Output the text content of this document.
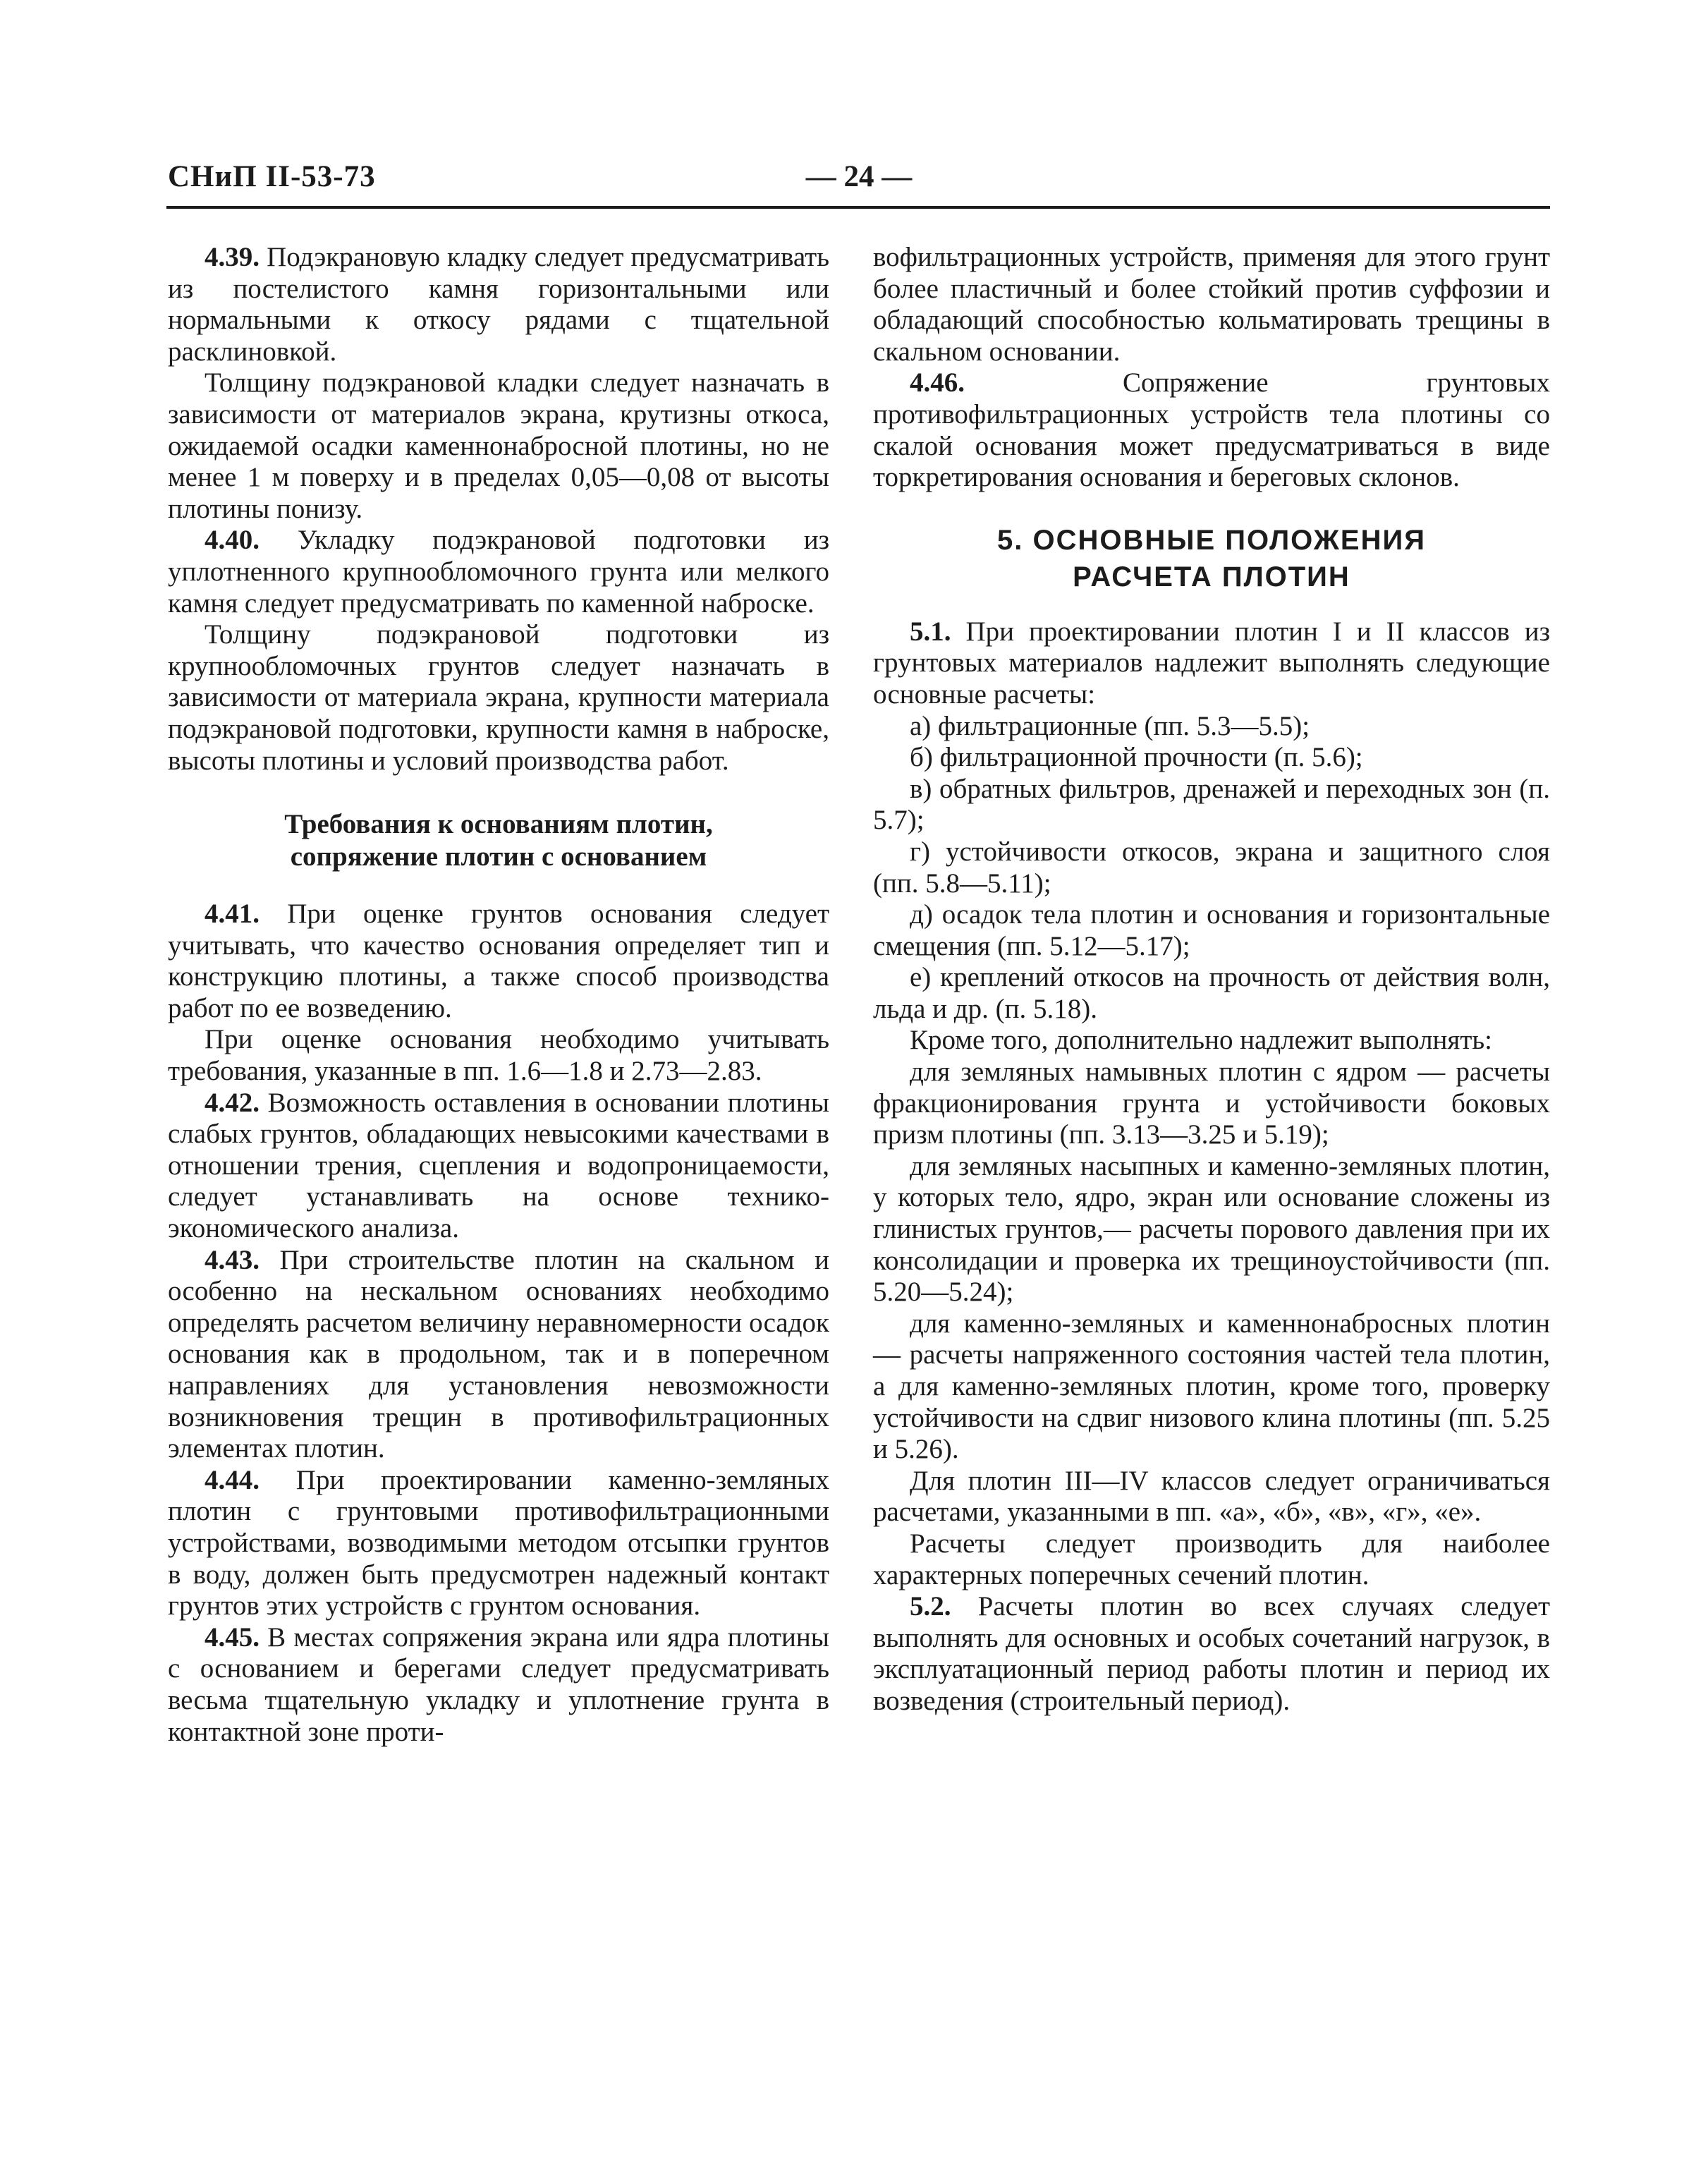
СНиП II-53-73	— 24 —

4.39. Подэкрановую кладку следует предусматривать из постелистого камня горизонтальными или нормальными к откосу рядами с тщательной расклиновкой.

Толщину подэкрановой кладки следует назначать в зависимости от материалов экрана, крутизны откоса, ожидаемой осадки каменнонабросной плотины, но не менее 1 м поверху и в пределах 0,05—0,08 от высоты плотины понизу.

4.40. Укладку подэкрановой подготовки из уплотненного крупнообломочного грунта или мелкого камня следует предусматривать по каменной наброске.

Толщину подэкрановой подготовки из крупнообломочных грунтов следует назначать в зависимости от материала экрана, крупности материала подэкрановой подготовки, крупности камня в наброске, высоты плотины и условий производства работ.

Требования к основаниям плотин,
сопряжение плотин с основанием

4.41. При оценке грунтов основания следует учитывать, что качество основания определяет тип и конструкцию плотины, а также способ производства работ по ее возведению.

При оценке основания необходимо учитывать требования, указанные в пп. 1.6—1.8 и 2.73—2.83.

4.42. Возможность оставления в основании плотины слабых грунтов, обладающих невысокими качествами в отношении трения, сцепления и водопроницаемости, следует устанавливать на основе технико-экономического анализа.

4.43. При строительстве плотин на скальном и особенно на нескальном основаниях необходимо определять расчетом величину неравномерности осадок основания как в продольном, так и в поперечном направлениях для установления невозможности возникновения трещин в противофильтрационных элементах плотин.

4.44. При проектировании каменно-земляных плотин с грунтовыми противофильтрационными устройствами, возводимыми методом отсыпки грунтов в воду, должен быть предусмотрен надежный контакт грунтов этих устройств с грунтом основания.

4.45. В местах сопряжения экрана или ядра плотины с основанием и берегами следует предусматривать весьма тщательную укладку и уплотнение грунта в контактной зоне проти-

вофильтрационных устройств, применяя для этого грунт более пластичный и более стойкий против суффозии и обладающий способностью кольматировать трещины в скальном основании.

4.46.	Сопряжение грунтовых противофильтрационных устройств тела плотины со скалой основания может предусматриваться в виде торкретирования основания и береговых склонов.

5. ОСНОВНЫЕ ПОЛОЖЕНИЯ
РАСЧЕТА ПЛОТИН

5.1. При проектировании плотин I и II классов из грунтовых материалов надлежит выполнять следующие основные расчеты:

а) фильтрационные (пп. 5.3—5.5);

б) фильтрационной прочности (п. 5.6);

в) обратных фильтров, дренажей и переходных зон (п. 5.7);

г) устойчивости откосов, экрана и защитного слоя (пп. 5.8—5.11);

д) осадок тела плотин и основания и горизонтальные смещения (пп. 5.12—5.17);

е) креплений откосов на прочность от действия волн, льда и др. (п. 5.18).

Кроме того, дополнительно надлежит выполнять:

для земляных намывных плотин с ядром — расчеты фракционирования грунта и устойчивости боковых призм плотины (пп. 3.13—3.25 и 5.19);

для земляных насыпных и каменно-земляных плотин, у которых тело, ядро, экран или основание сложены из глинистых грунтов,— расчеты порового давления при их консолидации и проверка их трещиноустойчивости (пп. 5.20—5.24);

для каменно-земляных и каменнонабросных плотин — расчеты напряженного состояния частей тела плотин, а для каменно-земляных плотин, кроме того, проверку устойчивости на сдвиг низового клина плотины (пп. 5.25 и 5.26).

Для плотин III—IV классов следует ограничиваться расчетами, указанными в пп. «а», «б», «в», «г», «е».

Расчеты следует производить для наиболее характерных поперечных сечений плотин.

5.2. Расчеты плотин во всех случаях следует выполнять для основных и особых сочетаний нагрузок, в эксплуатационный период работы плотин и период их возведения (строительный период).
